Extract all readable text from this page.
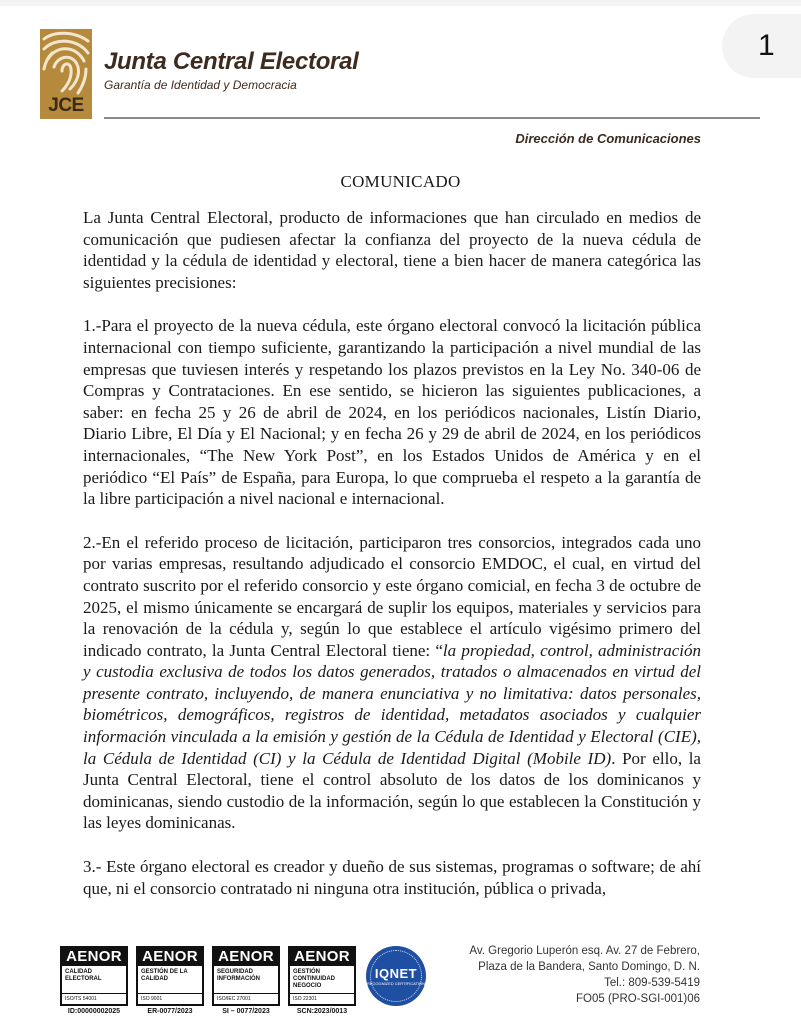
1
JCE
Junta Central Electoral
Garantía de Identidad y Democracia
Dirección de Comunicaciones
COMUNICADO

La Junta Central Electoral, producto de informaciones que han circulado en medios de comunicación que pudiesen afectar la confianza del proyecto de la nueva cédula de identidad y la cédula de identidad y electoral, tiene a bien hacer de manera categórica las siguientes precisiones:

1.-Para el proyecto de la nueva cédula, este órgano electoral convocó la licitación pública internacional con tiempo suficiente, garantizando la participación a nivel mundial de las empresas que tuviesen interés y respetando los plazos previstos en la Ley No. 340-06 de Compras y Contrataciones. En ese sentido, se hicieron las siguientes publicaciones, a saber: en fecha 25 y 26 de abril de 2024, en los periódicos nacionales, Listín Diario, Diario Libre, El Día y El Nacional; y en fecha 26 y 29 de abril de 2024, en los periódicos internacionales, “The New York Post”, en los Estados Unidos de América y en el periódico “El País” de España, para Europa, lo que comprueba el respeto a la garantía de la libre participación a nivel nacional e internacional.

2.-En el referido proceso de licitación, participaron tres consorcios, integrados cada uno por varias empresas, resultando adjudicado el consorcio EMDOC, el cual, en virtud del contrato suscrito por el referido consorcio y este órgano comicial, en fecha 3 de octubre de 2025, el mismo únicamente se encargará de suplir los equipos, materiales y servicios para la renovación de la cédula y, según lo que establece el artículo vigésimo primero del indicado contrato, la Junta Central Electoral tiene: “la propiedad, control, administración y custodia exclusiva de todos los datos generados, tratados o almacenados en virtud del presente contrato, incluyendo, de manera enunciativa y no limitativa: datos personales, biométricos, demográficos, registros de identidad, metadatos asociados y cualquier información vinculada a la emisión y gestión de la Cédula de Identidad y Electoral (CIE), la Cédula de Identidad (CI) y la Cédula de Identidad Digital (Mobile ID). Por ello, la Junta Central Electoral, tiene el control absoluto de los datos de los dominicanos y dominicanas, siendo custodio de la información, según lo que establecen la Constitución y las leyes dominicanas.

3.- Este órgano electoral es creador y dueño de sus sistemas, programas o software; de ahí que, ni el consorcio contratado ni ninguna otra institución, pública o privada,

AENOR
CALIDAD ELECTORAL
ISO/TS 54001
ID:00000002025
AENOR
GESTIÓN DE LA CALIDAD
ISO 9001
ER-0077/2023
AENOR
SEGURIDAD INFORMACIÓN
ISO/IEC 27001
SI – 0077/2023
AENOR
GESTIÓN CONTINUIDAD NEGOCIO
ISO 22301
SCN:2023/0013
IQNET
RECOGNIZED CERTIFICATION
Av. Gregorio Luperón esq. Av. 27 de Febrero,
Plaza de la Bandera, Santo Domingo, D. N.
Tel.: 809-539-5419
FO05 (PRO-SGI-001)06
